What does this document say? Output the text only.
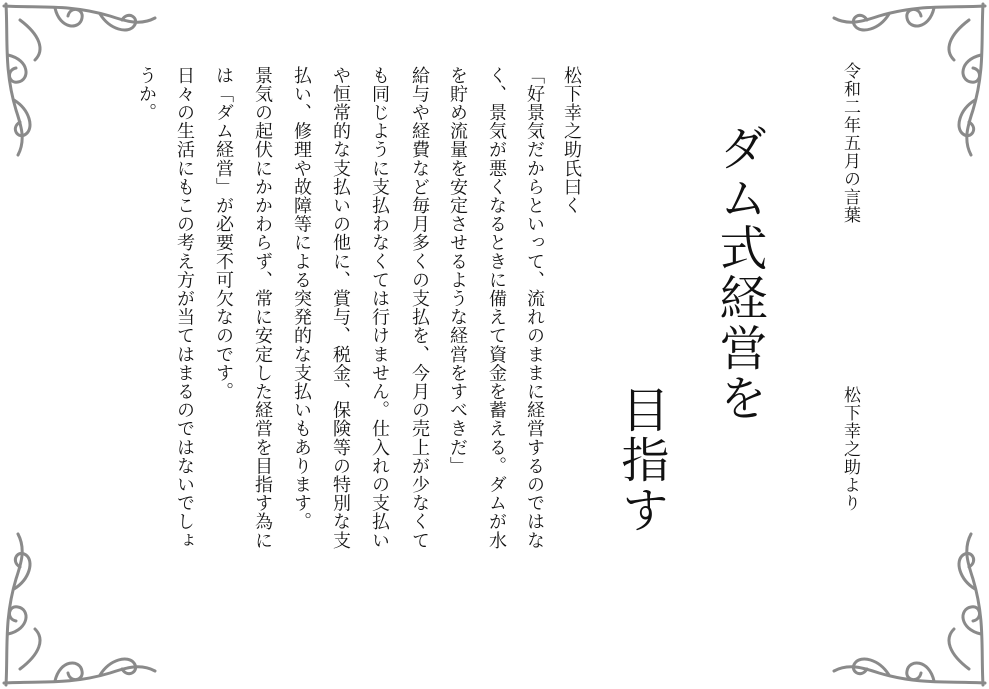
令和二年五月の言葉
松下幸之助より
ダム式経営を
目指す
松下幸之助氏曰く
「好景気だからといって、流れのままに経営するのではな
く、景気が悪くなるときに備えて資金を蓄える。ダムが水
を貯め流量を安定させるような経営をすべきだ」
給与や経費など毎月多くの支払を、今月の売上が少なくて
も同じように支払わなくては行けません。仕入れの支払い
や恒常的な支払いの他に、賞与、税金、保険等の特別な支
払い、修理や故障等による突発的な支払いもあります。
景気の起伏にかかわらず、常に安定した経営を目指す為に
は「ダム経営」が必要不可欠なのです。
日々の生活にもこの考え方が当てはまるのではないでしょ
うか。
